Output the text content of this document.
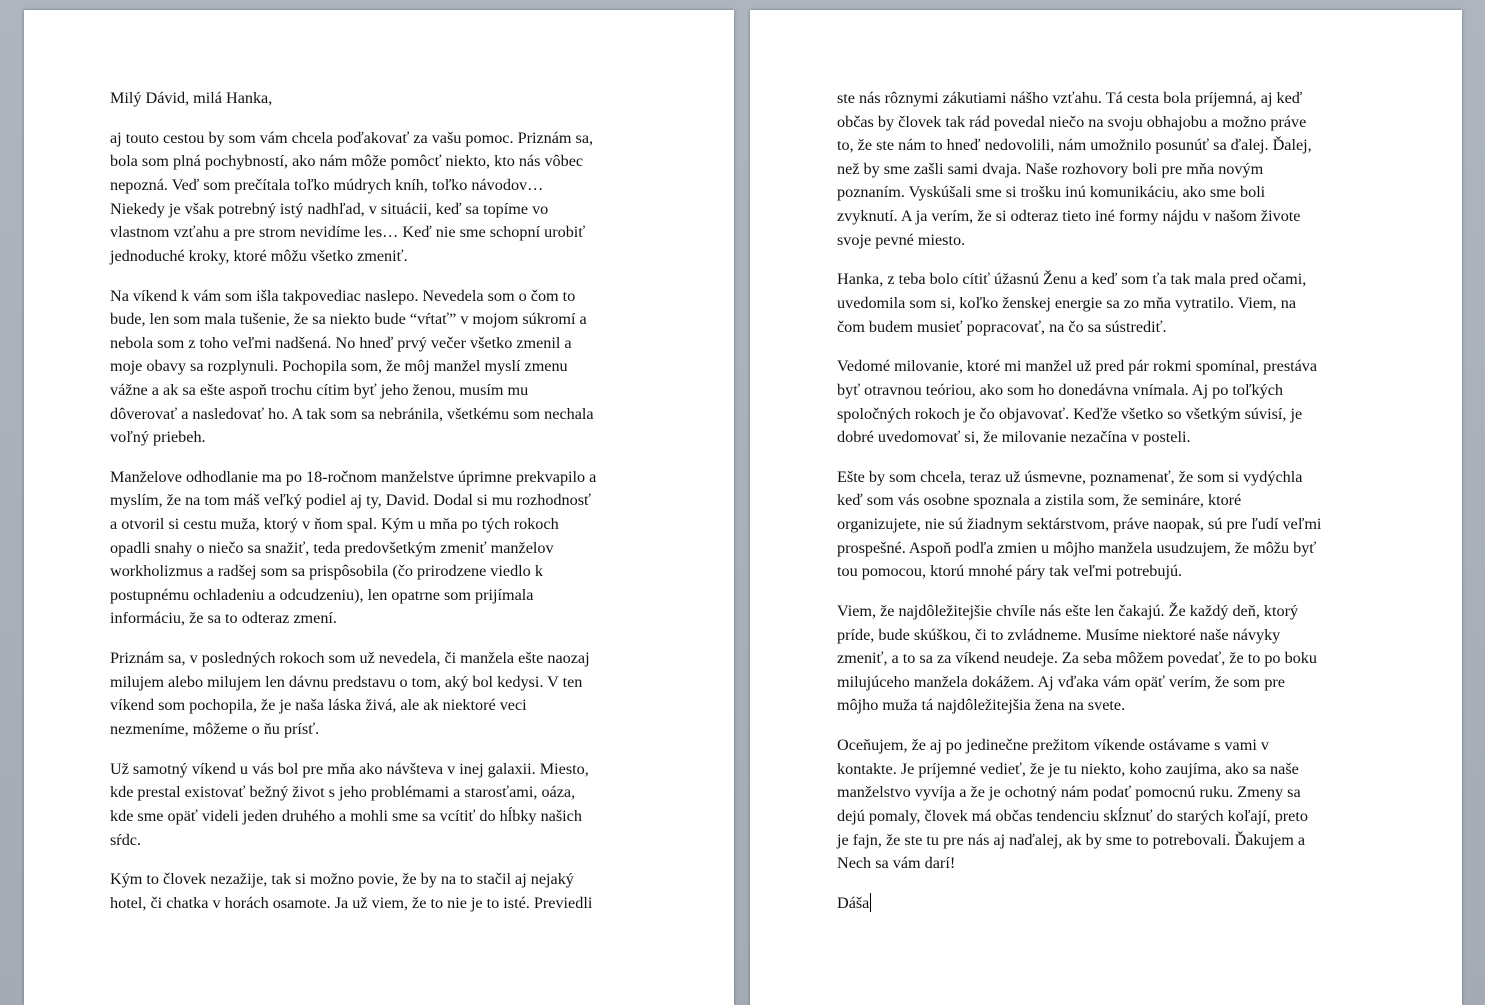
Milý Dávid, milá Hanka,

aj touto cestou by som vám chcela poďakovať za vašu pomoc. Priznám sa,
bola som plná pochybností, ako nám môže pomôcť niekto, kto nás vôbec
nepozná. Veď som prečítala toľko múdrych kníh, toľko návodov…
Niekedy je však potrebný istý nadhľad, v situácii, keď sa topíme vo
vlastnom vzťahu a pre strom nevidíme les… Keď nie sme schopní urobiť
jednoduché kroky, ktoré môžu všetko zmeniť.

Na víkend k vám som išla takpovediac naslepo. Nevedela som o čom to
bude, len som mala tušenie, že sa niekto bude “vŕtať” v mojom súkromí a
nebola som z toho veľmi nadšená. No hneď prvý večer všetko zmenil a
moje obavy sa rozplynuli. Pochopila som, že môj manžel myslí zmenu
vážne a ak sa ešte aspoň trochu cítim byť jeho ženou, musím mu
dôverovať a nasledovať ho. A tak som sa nebránila, všetkému som nechala
voľný priebeh.

Manželove odhodlanie ma po 18-ročnom manželstve úprimne prekvapilo a
myslím, že na tom máš veľký podiel aj ty, David. Dodal si mu rozhodnosť
a otvoril si cestu muža, ktorý v ňom spal. Kým u mňa po tých rokoch
opadli snahy o niečo sa snažiť, teda predovšetkým zmeniť manželov
workholizmus a radšej som sa prispôsobila (čo prirodzene viedlo k
postupnému ochladeniu a odcudzeniu), len opatrne som prijímala
informáciu, že sa to odteraz zmení.

Priznám sa, v posledných rokoch som už nevedela, či manžela ešte naozaj
milujem alebo milujem len dávnu predstavu o tom, aký bol kedysi. V ten
víkend som pochopila, že je naša láska živá, ale ak niektoré veci
nezmeníme, môžeme o ňu prísť.

Už samotný víkend u vás bol pre mňa ako návšteva v inej galaxii. Miesto,
kde prestal existovať bežný život s jeho problémami a starosťami, oáza,
kde sme opäť videli jeden druhého a mohli sme sa vcítiť do hĺbky našich
sŕdc.

Kým to človek nezažije, tak si možno povie, že by na to stačil aj nejaký
hotel, či chatka v horách osamote. Ja už viem, že to nie je to isté. Previedli

ste nás rôznymi zákutiami nášho vzťahu. Tá cesta bola príjemná, aj keď
občas by človek tak rád povedal niečo na svoju obhajobu a možno práve
to, že ste nám to hneď nedovolili, nám umožnilo posunúť sa ďalej. Ďalej,
než by sme zašli sami dvaja. Naše rozhovory boli pre mňa novým
poznaním. Vyskúšali sme si trošku inú komunikáciu, ako sme boli
zvyknutí. A ja verím, že si odteraz tieto iné formy nájdu v našom živote
svoje pevné miesto.

Hanka, z teba bolo cítiť úžasnú Ženu a keď som ťa tak mala pred očami,
uvedomila som si, koľko ženskej energie sa zo mňa vytratilo. Viem, na
čom budem musieť popracovať, na čo sa sústrediť.

Vedomé milovanie, ktoré mi manžel už pred pár rokmi spomínal, prestáva
byť otravnou teóriou, ako som ho donedávna vnímala. Aj po toľkých
spoločných rokoch je čo objavovať. Keďže všetko so všetkým súvisí, je
dobré uvedomovať si, že milovanie nezačína v posteli.

Ešte by som chcela, teraz už úsmevne, poznamenať, že som si vydýchla
keď som vás osobne spoznala a zistila som, že semináre, ktoré
organizujete, nie sú žiadnym sektárstvom, práve naopak, sú pre ľudí veľmi
prospešné. Aspoň podľa zmien u môjho manžela usudzujem, že môžu byť
tou pomocou, ktorú mnohé páry tak veľmi potrebujú.

Viem, že najdôležitejšie chvíle nás ešte len čakajú. Že každý deň, ktorý
príde, bude skúškou, či to zvládneme. Musíme niektoré naše návyky
zmeniť, a to sa za víkend neudeje. Za seba môžem povedať, že to po boku
milujúceho manžela dokážem. Aj vďaka vám opäť verím, že som pre
môjho muža tá najdôležitejšia žena na svete.

Oceňujem, že aj po jedinečne prežitom víkende ostávame s vami v
kontakte. Je príjemné vedieť, že je tu niekto, koho zaujíma, ako sa naše
manželstvo vyvíja a že je ochotný nám podať pomocnú ruku. Zmeny sa
dejú pomaly, človek má občas tendenciu skĺznuť do starých koľají, preto
je fajn, že ste tu pre nás aj naďalej, ak by sme to potrebovali. Ďakujem a
Nech sa vám darí!

Dáša
